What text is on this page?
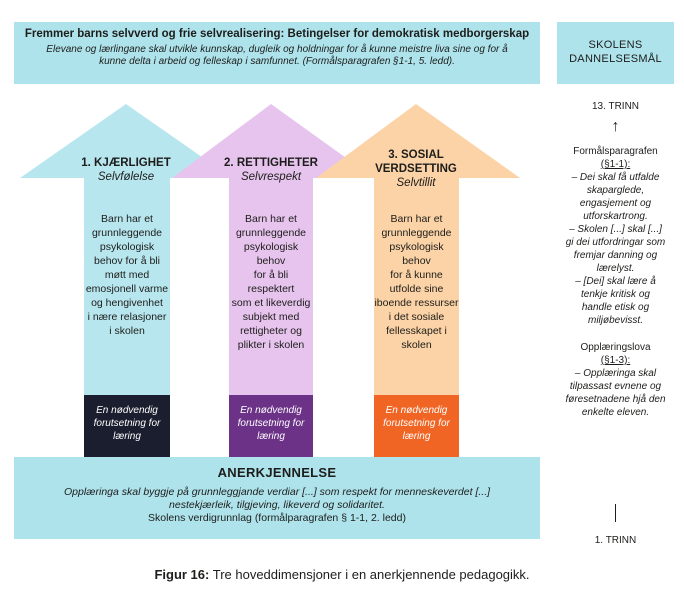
Fremmer barns selvverd og frie selvrealisering: Betingelser for demokratisk medborgerskap
Elevane og lærlingane skal utvikle kunnskap, dugleik og holdningar for å kunne meistre liva sine og for å
kunne delta i arbeid og felleskap i samfunnet. (Formålsparagrafen §1-1, 5. ledd).
SKOLENS
DANNELSESMÅL
1. KJÆRLIGHET
Selvfølelse
Barn har et
grunnleggende
psykologisk
behov for å bli
møtt med
emosjonell varme
og hengivenhet
i nære relasjoner
i skolen
En nødvendig
forutsetning for
læring
2. RETTIGHETER
Selvrespekt
Barn har et
grunnleggende
psykologisk behov
for å bli respektert
som et likeverdig
subjekt med
rettigheter og
plikter i skolen
En nødvendig
forutsetning for
læring
3. SOSIAL
VERDSETTING
Selvtillit
Barn har et
grunnleggende
psykologisk behov
for å kunne
utfolde sine
iboende ressurser
i det sosiale
fellesskapet i
skolen
En nødvendig
forutsetning for
læring
ANERKJENNELSE
Opplæringa skal byggje på grunnleggjande verdiar [...] som respekt for menneskeverdet [...]
nestekjærleik, tilgjeving, likeverd og solidaritet.
Skolens verdigrunnlag (formålparagrafen § 1-1, 2. ledd)
13. TRINN
↑
Formålsparagrafen
(§1-1):
– Dei skal få utfalde
skaparglede,
engasjement og
utforskartrong.
– Skolen [...] skal [...]
gi dei utfordringar som
fremjar danning og
lærelyst.
– [Dei] skal lære å
tenkje kritisk og
handle etisk og
miljøbevisst.
Opplæringslova
(§1-3):
– Opplæringa skal
tilpassast evnene og
føresetnadene hjå den
enkelte eleven.
1. TRINN
Figur 16: Tre hoveddimensjoner i en anerkjennende pedagogikk.
